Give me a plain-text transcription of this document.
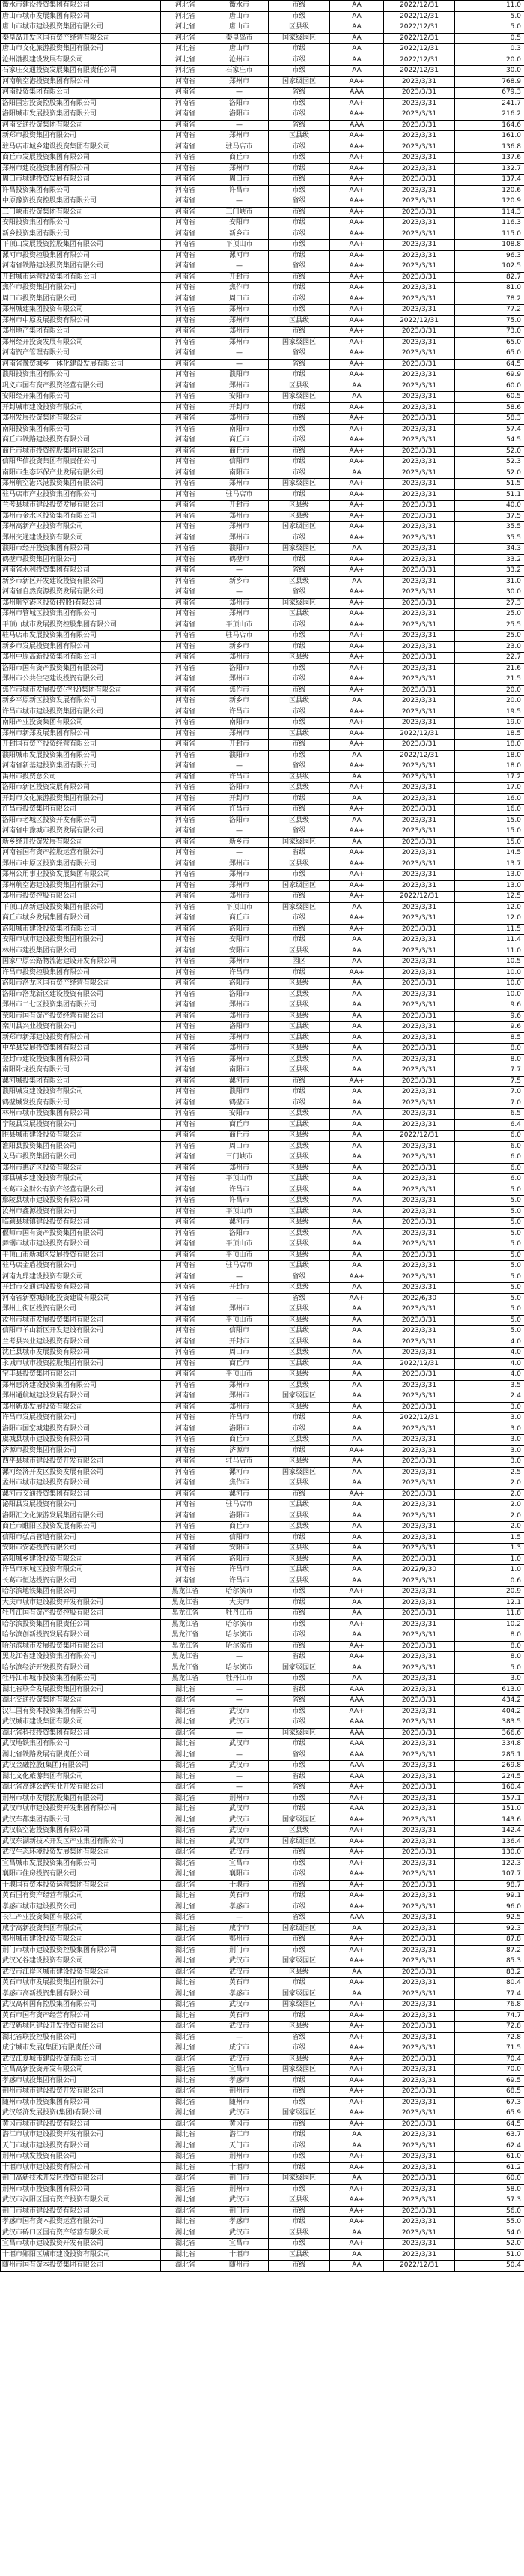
衡水市建设投资集团有限公司	河北省	衡水市	市级	AA	2022/12/31	11.0
唐山市城市发展集团有限公司	河北省	唐山市	市级	AA	2022/12/31	5.0
唐山市城市建设投资集团有限公司	河北省	唐山市	区县级	AA	2022/12/31	5.0
秦皇岛开发区国有资产经营有限公司	河北省	秦皇岛市	国家级园区	AA	2022/12/31	0.5
唐山市文化旅游投资集团有限公司	河北省	唐山市	市级	AA	2022/12/31	0.3
沧州渤投建设发展有限公司	河北省	沧州市	市级	AA	2022/12/31	20.0
石家庄交通投资发展集团有限责任公司	河北省	石家庄市	市级	AA	2022/12/31	30.0
河南航空港投资集团有限公司	河南省	郑州市	国家级园区	AA+	2023/3/31	768.9
河南投资集团有限公司	河南省	—	省级	AAA	2023/3/31	679.3
洛阳国宏投资控股集团有限公司	河南省	洛阳市	市级	AA+	2023/3/31	241.7
洛阳城市发展投资集团有限公司	河南省	洛阳市	市级	AA+	2023/3/31	216.2
河南交通投资集团有限公司	河南省	—	省级	AAA	2023/3/31	164.6
新郑市投资集团有限公司	河南省	郑州市	区县级	AA+	2023/3/31	161.0
驻马店市城乡建设投资集团有限公司	河南省	驻马店市	市级	AA+	2023/3/31	136.8
商丘市发展投资集团有限公司	河南省	商丘市	市级	AA+	2023/3/31	137.6
郑州市建设投资集团有限公司	河南省	郑州市	市级	AA+	2023/3/31	132.7
周口市城建投资发展有限公司	河南省	周口市	市级	AA+	2023/3/31	137.4
许昌投资集团有限公司	河南省	许昌市	市级	AA+	2023/3/31	120.6
中原豫资投资控股集团有限公司	河南省	—	省级	AA+	2023/3/31	120.9
三门峡市投资集团有限公司	河南省	三门峡市	市级	AA+	2023/3/31	114.3
安阳投资集团有限公司	河南省	安阳市	市级	AA+	2023/3/31	116.3
新乡投资集团有限公司	河南省	新乡市	市级	AA+	2023/3/31	115.0
平顶山发展投资控股集团有限公司	河南省	平顶山市	市级	AA+	2023/3/31	108.8
漯河市投资控股集团有限公司	河南省	漯河市	市级	AA+	2023/3/31	96.3
河南省铁路建设投资集团有限公司	河南省	—	省级	AA+	2023/3/31	102.5
开封城市运营投资集团有限公司	河南省	开封市	市级	AA+	2023/3/31	82.7
焦作市投资集团有限公司	河南省	焦作市	市级	AA+	2023/3/31	81.0
周口市投资集团有限公司	河南省	周口市	市级	AA+	2023/3/31	78.2
郑州城建集团投资有限公司	河南省	郑州市	市级	AA+	2023/3/31	77.2
郑州市中原发展投资有限公司	河南省	郑州市	区县级	AA+	2022/12/31	75.0
郑州地产集团有限公司	河南省	郑州市	市级	AA+	2023/3/31	73.0
郑州经开投资发展有限公司	河南省	郑州市	国家级园区	AA+	2023/3/31	65.0
河南资产管理有限公司	河南省	—	省级	AA+	2023/3/31	65.0
河南省豫资城乡一体化建设发展有限公司	河南省	—	省级	AA+	2023/3/31	64.5
濮阳投资集团有限公司	河南省	濮阳市	市级	AA+	2023/3/31	69.9
巩义市国有资产投资经营有限公司	河南省	郑州市	区县级	AA	2023/3/31	60.0
安阳经开集团有限公司	河南省	安阳市	国家级园区	AA	2023/3/31	60.5
开封城市建设投资有限公司	河南省	开封市	市级	AA+	2023/3/31	58.6
郑州发展投资集团有限公司	河南省	郑州市	市级	AA+	2023/3/31	58.3
南阳投资集团有限公司	河南省	南阳市	市级	AA+	2023/3/31	57.4
商丘市铁路建设投资有限公司	河南省	商丘市	市级	AA+	2023/3/31	54.5
商丘市城市投资控股集团有限公司	河南省	商丘市	市级	AA+	2023/3/31	52.0
信阳华信投资集团有限责任公司	河南省	信阳市	市级	AA+	2023/3/31	52.3
南阳市生态环保产业发展有限公司	河南省	南阳市	市级	AA	2023/3/31	52.0
郑州航空港兴港投资集团有限公司	河南省	郑州市	国家级园区	AA+	2023/3/31	51.5
驻马店市产业投资集团有限公司	河南省	驻马店市	市级	AA+	2023/3/31	51.1
兰考县城市建设投资发展有限公司	河南省	开封市	区县级	AA+	2023/3/31	40.0
郑州市金水区投资集团有限公司	河南省	郑州市	区县级	AA+	2023/3/31	37.5
郑州高新产业投资有限公司	河南省	郑州市	国家级园区	AA+	2023/3/31	35.5
郑州交通建设投资有限公司	河南省	郑州市	市级	AA+	2023/3/31	35.5
濮阳市经开投资集团有限公司	河南省	濮阳市	国家级园区	AA	2023/3/31	34.3
鹤壁市投资集团有限公司	河南省	鹤壁市	市级	AA+	2023/3/31	33.2
河南省水利投资集团有限公司	河南省	—	省级	AA+	2023/3/31	33.2
新乡市新区开发建设投资有限公司	河南省	新乡市	区县级	AA	2023/3/31	31.0
河南省自然资源投资发展有限公司	河南省	—	省级	AA+	2023/3/31	30.0
郑州航空港区投资(控股)有限公司	河南省	郑州市	国家级园区	AA+	2023/3/31	27.3
郑州市管城区投资集团有限公司	河南省	郑州市	区县级	AA+	2023/3/31	25.0
平顶山城市发展投资控股集团有限公司	河南省	平顶山市	市级	AA+	2023/3/31	25.5
驻马店市发展投资集团有限公司	河南省	驻马店市	市级	AA+	2023/3/31	25.0
新乡市发展投资集团有限公司	河南省	新乡市	市级	AA+	2023/3/31	23.0
郑州中原高新投资集团有限公司	河南省	郑州市	区县级	AA+	2023/3/31	22.7
洛阳市国有资产投资集团有限公司	河南省	洛阳市	市级	AA+	2023/3/31	21.6
郑州市公共住宅建设投资有限公司	河南省	郑州市	市级	AA+	2023/3/31	21.5
焦作市城市发展投资(控股)集团有限公司	河南省	焦作市	市级	AA+	2023/3/31	20.0
新乡平原新区投资发展有限公司	河南省	新乡市	区县级	AA	2023/3/31	20.0
许昌市城市建设投资集团有限公司	河南省	许昌市	市级	AA+	2023/3/31	19.5
南阳产业投资集团有限公司	河南省	南阳市	市级	AA+	2023/3/31	19.0
郑州市新郑发展集团有限公司	河南省	郑州市	区县级	AA+	2022/12/31	18.5
开封国有资产投资经营有限公司	河南省	开封市	市级	AA+	2023/3/31	18.0
濮阳城市发展投资集团有限公司	河南省	濮阳市	市级	AA	2022/12/31	18.0
河南省新基建投资集团有限公司	河南省	—	省级	AA+	2023/3/31	18.0
禹州市投资总公司	河南省	许昌市	区县级	AA	2023/3/31	17.2
洛阳市新区投资发展有限公司	河南省	洛阳市	区县级	AA+	2023/3/31	17.0
开封市文化旅游投资集团有限公司	河南省	开封市	市级	AA	2023/3/31	16.0
许昌市投资集团有限公司	河南省	许昌市	市级	AA+	2023/3/31	16.0
洛阳市老城区投资开发有限公司	河南省	洛阳市	区县级	AA	2023/3/31	15.0
河南省中豫城市投资发展有限公司	河南省	—	省级	AA+	2023/3/31	15.0
新乡经开投资发展有限公司	河南省	新乡市	国家级园区	AA	2023/3/31	15.0
河南省国有资产控股运营有限公司	河南省	—	省级	AA+	2023/3/31	14.5
郑州市中原区投资集团有限公司	河南省	郑州市	区县级	AA+	2023/3/31	13.7
郑州公用事业投资发展集团有限公司	河南省	郑州市	市级	AA+	2023/3/31	13.0
郑州航空港建设投资集团有限公司	河南省	郑州市	国家级园区	AA+	2023/3/31	13.0
郑州市投资控股有限公司	河南省	郑州市	市级	AA+	2022/12/31	12.5
平顶山高新建设投资集团有限公司	河南省	平顶山市	国家级园区	AA	2023/3/31	12.0
商丘市城乡发展集团有限公司	河南省	商丘市	市级	AA+	2023/3/31	12.0
洛阳城市建设投资集团有限公司	河南省	洛阳市	市级	AA+	2023/3/31	11.5
安阳市城市建设投资集团有限公司	河南省	安阳市	市级	AA	2023/3/31	11.4
林州市建投集团有限公司	河南省	安阳市	区县级	AA	2023/3/31	11.0
国家中原公路物流港建设开发有限公司	河南省	郑州市	园区	AA	2023/3/31	10.5
许昌市投资控股集团有限公司	河南省	许昌市	市级	AA+	2023/3/31	10.0
洛阳市洛龙区国有资产经营有限公司	河南省	洛阳市	区县级	AA	2023/3/31	10.0
洛阳市洛龙新区建设投资有限公司	河南省	洛阳市	区县级	AA	2023/3/31	10.0
郑州市二七区投资集团有限公司	河南省	郑州市	区县级	AA	2023/3/31	9.6
荥阳市国有资产投资经营有限公司	河南省	郑州市	区县级	AA	2023/3/31	9.6
栾川县兴业投资有限公司	河南省	洛阳市	区县级	AA	2023/3/31	9.6
新郑市新郑建设投资有限公司	河南省	郑州市	区县级	AA	2023/3/31	8.5
中牟县发展投资集团有限公司	河南省	郑州市	区县级	AA	2023/3/31	8.0
登封市建设投资集团有限公司	河南省	郑州市	区县级	AA	2023/3/31	8.0
南阳卧龙投资有限公司	河南省	南阳市	区县级	AA	2023/3/31	7.7
漯河城投集团有限公司	河南省	漯河市	市级	AA+	2023/3/31	7.5
濮阳城发建设投资有限公司	河南省	濮阳市	市级	AA	2023/3/31	7.0
鹤壁城发投资有限公司	河南省	鹤壁市	市级	AA	2023/3/31	7.0
林州市城市投资集团有限公司	河南省	安阳市	区县级	AA	2023/3/31	6.5
宁陵县发展投资有限公司	河南省	商丘市	区县级	AA	2023/3/31	6.4
睢县城市建设投资有限公司	河南省	商丘市	区县级	AA	2022/12/31	6.0
淮阳县投资集团有限公司	河南省	周口市	区县级	AA	2023/3/31	6.0
义马市投资集团有限公司	河南省	三门峡市	区县级	AA	2023/3/31	6.0
郑州市惠济区投资有限公司	河南省	郑州市	区县级	AA	2023/3/31	6.0
郏县城乡建设投资有限公司	河南省	平顶山市	区县级	AA	2023/3/31	6.0
长葛市金财公有资产经营有限公司	河南省	许昌市	区县级	AA	2023/3/31	5.0
鄢陵县城市建设投资有限公司	河南省	许昌市	区县级	AA	2023/3/31	5.0
汝州市鑫源投资有限公司	河南省	平顶山市	区县级	AA	2023/3/31	5.0
临颍县城镇建设投资有限公司	河南省	漯河市	区县级	AA	2023/3/31	5.0
偃师市国有资产投资集团有限公司	河南省	洛阳市	区县级	AA	2023/3/31	5.0
舞钢市城市建设投资有限公司	河南省	平顶山市	区县级	AA	2023/3/31	5.0
平顶山市新城区发展投资有限公司	河南省	平顶山市	区县级	AA	2023/3/31	5.0
驻马店金盾投资有限公司	河南省	驻马店市	区县级	AA	2023/3/31	5.0
河南九鼎建设投资有限公司	河南省	—	省级	AA+	2023/3/31	5.0
开封市交通建设投资有限公司	河南省	开封市	区县级	AA	2023/3/31	5.0
河南省新型城镇化投资建设有限公司	河南省	—	省级	AA+	2022/6/30	5.0
郑州上街区投资有限公司	河南省	郑州市	区县级	AA	2023/3/31	5.0
汝州市城市发展投资集团有限公司	河南省	平顶山市	区县级	AA	2023/3/31	5.0
信阳市羊山新区开发建设有限公司	河南省	信阳市	区县级	AA	2023/3/31	5.0
兰考县兴业建设投资有限公司	河南省	开封市	区县级	AA	2023/3/31	4.0
沈丘县城市发展投资有限公司	河南省	周口市	区县级	AA	2023/3/31	4.0
永城市城市投资控股集团有限公司	河南省	商丘市	区县级	AA	2022/12/31	4.0
宝丰县投资集团有限公司	河南省	平顶山市	区县级	AA	2023/3/31	4.0
郑州惠济建设投资集团有限公司	河南省	郑州市	区县级	AA	2023/3/31	3.5
郑州通航城建设发展有限公司	河南省	郑州市	国家级园区	AA	2023/3/31	2.4
郑州新郑发展投资有限公司	河南省	郑州市	区县级	AA	2023/3/31	3.0
许昌市发展投资有限公司	河南省	许昌市	市级	AA	2022/12/31	3.0
洛阳市国宏城建投资有限公司	河南省	洛阳市	市级	AA	2023/3/31	3.0
虞城县城市建设投资有限公司	河南省	商丘市	区县级	AA	2023/3/31	3.0
济源市投资集团有限公司	河南省	济源市	市级	AA+	2023/3/31	3.0
西平县城市建设投资开发有限公司	河南省	驻马店市	区县级	AA	2023/3/31	3.0
漯河经济开发区投资发展有限公司	河南省	漯河市	国家级园区	AA	2023/3/31	2.5
孟州市城市建设投资有限公司	河南省	焦作市	区县级	AA	2023/3/31	2.0
漯河市交通投资集团有限公司	河南省	漯河市	市级	AA+	2023/3/31	2.0
泌阳县发展投资有限公司	河南省	驻马店市	区县级	AA	2023/3/31	2.0
洛阳汇文化旅游发展集团有限公司	河南省	洛阳市	区县级	AA	2023/3/31	2.0
商丘市睢阳区投资发展有限公司	河南省	商丘市	区县级	AA	2023/3/31	2.0
信阳市弘昌管道有限公司	河南省	信阳市	市级	AA	2023/3/31	1.5
安阳市安港投资有限公司	河南省	安阳市	区县级	AA	2023/3/31	1.3
洛阳城乡建设投资有限公司	河南省	洛阳市	区县级	AA	2023/3/31	1.0
许昌市东城区投资有限公司	河南省	许昌市	区县级	AA	2022/9/30	1.0
长葛市恒达投资有限公司	河南省	许昌市	区县级	AA	2023/3/31	0.6
哈尔滨地铁集团有限公司	黑龙江省	哈尔滨市	市级	AA+	2023/3/31	20.9
大庆市城市建设投资开发有限公司	黑龙江省	大庆市	市级	AA	2023/3/31	12.1
牡丹江国有资产投资控股有限公司	黑龙江省	牡丹江市	市级	AA	2023/3/31	11.8
哈尔滨投资集团有限责任公司	黑龙江省	哈尔滨市	市级	AA+	2023/3/31	10.2
哈尔滨创新投资发展有限公司	黑龙江省	哈尔滨市	市级	AA	2023/3/31	8.0
哈尔滨城市发展投资集团有限公司	黑龙江省	哈尔滨市	市级	AA+	2023/3/31	8.0
黑龙江省建设投资集团有限公司	黑龙江省	—	省级	AA+	2023/3/31	8.0
哈尔滨经济开发投资有限公司	黑龙江省	哈尔滨市	国家级园区	AA	2023/3/31	5.0
牡丹江市城市投资集团有限公司	黑龙江省	牡丹江市	市级	AA	2023/3/31	3.0
湖北省联合发展投资集团有限公司	湖北省	—	省级	AAA	2023/3/31	613.0
湖北交通投资集团有限公司	湖北省	—	省级	AAA	2023/3/31	434.2
汉江国有资本投资集团有限公司	湖北省	武汉市	市级	AA+	2023/3/31	404.2
武汉城市建设集团有限公司	湖北省	武汉市	市级	AAA	2023/3/31	383.5
湖北省科技投资集团有限公司	湖北省	—	国家级园区	AAA	2023/3/31	366.6
武汉地铁集团有限公司	湖北省	武汉市	市级	AAA	2023/3/31	334.8
湖北省铁路发展有限责任公司	湖北省	—	省级	AAA	2023/3/31	285.1
武汉金融控股(集团)有限公司	湖北省	武汉市	市级	AAA	2023/3/31	269.8
湖北文化旅游集团有限公司	湖北省	—	省级	AAA	2023/3/31	224.5
湖北省高速公路实业开发有限公司	湖北省	—	省级	AA+	2023/3/31	160.4
荆州市城市发展控股集团有限公司	湖北省	荆州市	市级	AA+	2023/3/31	157.1
武汉市城市建设投资开发集团有限公司	湖北省	武汉市	市级	AAA	2023/3/31	151.0
武汉车都集团有限公司	湖北省	武汉市	国家级园区	AA+	2023/3/31	143.6
武汉临空港投资集团有限公司	湖北省	武汉市	区县级	AA+	2023/3/31	142.4
武汉东湖新技术开发区产业集团有限公司	湖北省	武汉市	国家级园区	AA+	2023/3/31	136.4
武汉生态环境投资发展集团有限公司	湖北省	武汉市	市级	AA+	2023/3/31	130.0
宜昌城市发展投资集团有限公司	湖北省	宜昌市	市级	AA+	2023/3/31	122.3
襄阳市住房投资有限公司	湖北省	襄阳市	市级	AA+	2023/3/31	107.7
十堰国有资本投资运营集团有限公司	湖北省	十堰市	市级	AA+	2023/3/31	98.7
黄石国有资产经营有限公司	湖北省	黄石市	市级	AA+	2023/3/31	99.1
孝感市城市建设投资公司	湖北省	孝感市	市级	AA+	2023/3/31	96.0
长江产业投资集团有限公司	湖北省	—	省级	AAA	2023/3/31	92.5
咸宁高新投资集团有限公司	湖北省	咸宁市	国家级园区	AA	2023/3/31	92.3
鄂州城市建设投资有限公司	湖北省	鄂州市	市级	AA+	2023/3/31	87.8
荆门市城市建设投资控股集团有限公司	湖北省	荆门市	市级	AA+	2023/3/31	87.2
武汉光谷建设投资有限公司	湖北省	武汉市	国家级园区	AA+	2023/3/31	85.3
武汉市江岸区城市建设投资有限公司	湖北省	武汉市	区县级	AA	2023/3/31	83.2
黄石市城市发展投资集团有限公司	湖北省	黄石市	市级	AA+	2023/3/31	80.4
孝感市高新投资集团有限公司	湖北省	孝感市	国家级园区	AA	2023/3/31	77.4
武汉高科国有控股集团有限公司	湖北省	武汉市	国家级园区	AA+	2023/3/31	76.8
黄石市国有资产经营有限公司	湖北省	黄石市	市级	AA+	2023/3/31	74.7
武汉新城区建设开发投资有限公司	湖北省	武汉市	区县级	AA+	2023/3/31	72.8
湖北省联投控股有限公司	湖北省	—	省级	AA+	2023/3/31	72.8
咸宁城市发展(集团)有限责任公司	湖北省	咸宁市	市级	AA+	2023/3/31	71.5
武汉江夏城市建设投资有限公司	湖北省	武汉市	区县级	AA+	2023/3/31	70.4
宜昌高新投资开发有限公司	湖北省	宜昌市	国家级园区	AA+	2023/3/31	70.0
孝感市城投集团有限公司	湖北省	孝感市	市级	AA+	2023/3/31	69.5
荆州市城市建设投资开发有限公司	湖北省	荆州市	市级	AA+	2023/3/31	68.5
随州市城市投资集团有限公司	湖北省	随州市	市级	AA+	2023/3/31	67.3
武汉经济发展投资(集团)有限公司	湖北省	武汉市	国家级园区	AA+	2023/3/31	65.9
黄冈市城市建设投资有限公司	湖北省	黄冈市	市级	AA+	2023/3/31	64.5
潜江市城市建设投资开发有限公司	湖北省	潜江市	市级	AA	2023/3/31	63.7
天门市城市建设投资有限公司	湖北省	天门市	市级	AA	2023/3/31	62.4
荆州市城发投资有限公司	湖北省	荆州市	市级	AA+	2023/3/31	61.0
十堰市城市建设投资有限公司	湖北省	十堰市	市级	AA+	2023/3/31	61.2
荆门高新技术开发区投资有限公司	湖北省	荆门市	国家级园区	AA	2023/3/31	60.0
荆州市城市投资集团有限公司	湖北省	荆州市	市级	AA+	2023/3/31	58.0
武汉市汉阳区国有资产投资有限公司	湖北省	武汉市	区县级	AA+	2023/3/31	57.3
荆门市城市建设投资有限公司	湖北省	荆门市	市级	AA+	2023/3/31	56.0
孝感市国有资本投资运营有限公司	湖北省	孝感市	市级	AA+	2023/3/31	55.0
武汉市硚口区国有资产经营有限公司	湖北省	武汉市	区县级	AA	2023/3/31	54.0
宜昌市城市建设投资开发有限公司	湖北省	宜昌市	市级	AA+	2023/3/31	52.0
十堰市郧阳区城市建设投资有限公司	湖北省	十堰市	区县级	AA	2023/3/31	51.0
随州市国有资本投资集团有限公司	湖北省	随州市	市级	AA	2022/12/31	50.4
